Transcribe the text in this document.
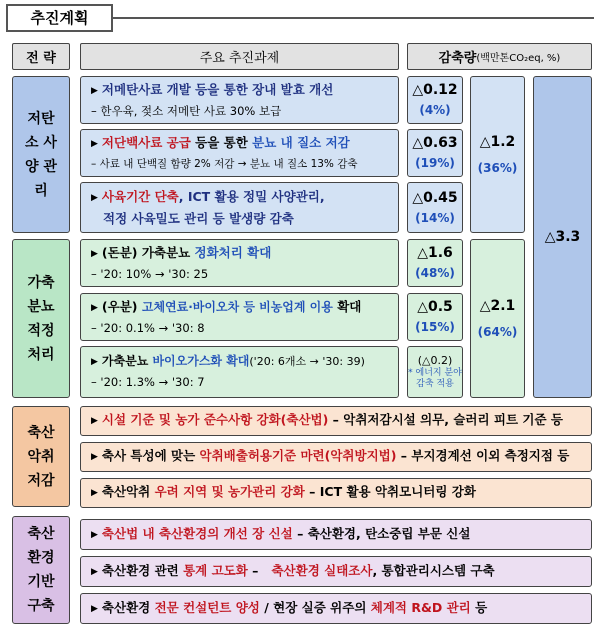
추진계획
전 략	주요 추진과제	감축량 (백만톤CO₂eq, %)
저탄소 사양 관리
▶ 저메탄사료 개발 등을 통한 장내 발효 개선
– 한우육, 젖소 저메탄 사료 30% 보급
▶ 저단백사료 공급 등을 통한 분뇨 내 질소 저감
– 사료 내 단백질 함량 2% 저감 → 분뇨 내 질소 13% 감축
▶ 사육기간 단축, ICT 활용 정밀 사양관리,
적정 사육밀도 관리 등 발생량 감축
△0.12
(4%)
△0.63
(19%)
△0.45
(14%)
△1.2
(36%)
가축 분뇨 적정 처리
▶ (돈분) 가축분뇨 정화처리 확대
– '20: 10% → '30: 25
▶ (우분) 고체연료·바이오차 등 비농업계 이용 확대
– '20: 0.1% → '30: 8
▶ 가축분뇨 바이오가스화 확대('20: 6개소 → '30: 39)
– '20: 1.3% → '30: 7
△1.6
(48%)
△0.5
(15%)
(△0.2)
* 에너지 분야
감축 적용
△2.1
(64%)
△3.3
축산 악취 저감
▶ 시설 기준 및 농가 준수사항 강화(축산법) – 악취저감시설 의무, 슬러리 피트 기준 등
▶ 축사 특성에 맞는 악취배출허용기준 마련(악취방지법) – 부지경계선 이외 측정지점 등
▶ 축산악취 우려 지역 및 농가관리 강화 – ICT 활용 악취모니터링 강화
축산 환경 기반 구축
▶ 축산법 내 축산환경의 개선 장 신설 – 축산환경, 탄소중립 부문 신설
▶ 축산환경 관련 통계 고도화 –   축산환경 실태조사, 통합관리시스템 구축
▶ 축산환경 전문 컨설턴트 양성 / 현장 실증 위주의 체계적 R&D 관리 등
